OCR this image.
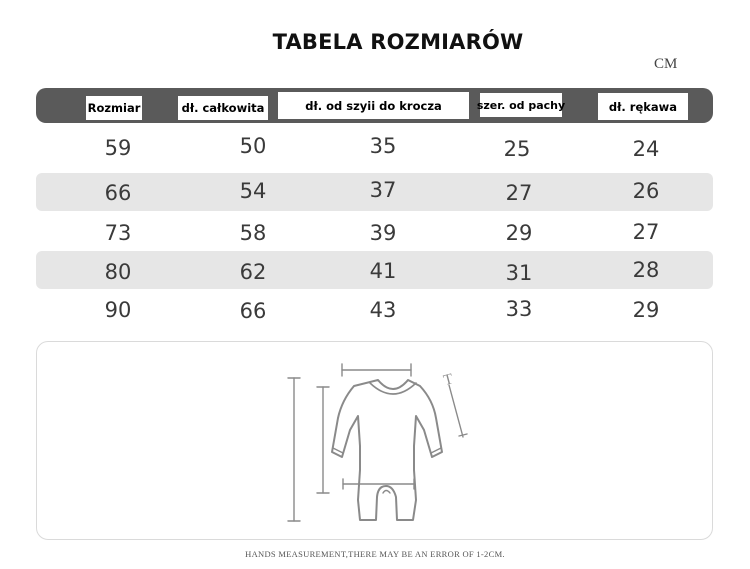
TABELA ROZMIARÓW
CM
Rozmiar	dł. całkowita	dł. od szyii do krocza	szer. od pachy	dł. rękawa
59	50	35	25	24
66	54	37	27	26
73	58	39	29	27
80	62	41	31	28
90	66	43	33	29
T
HANDS MEASUREMENT,THERE MAY BE AN ERROR OF 1-2CM.
